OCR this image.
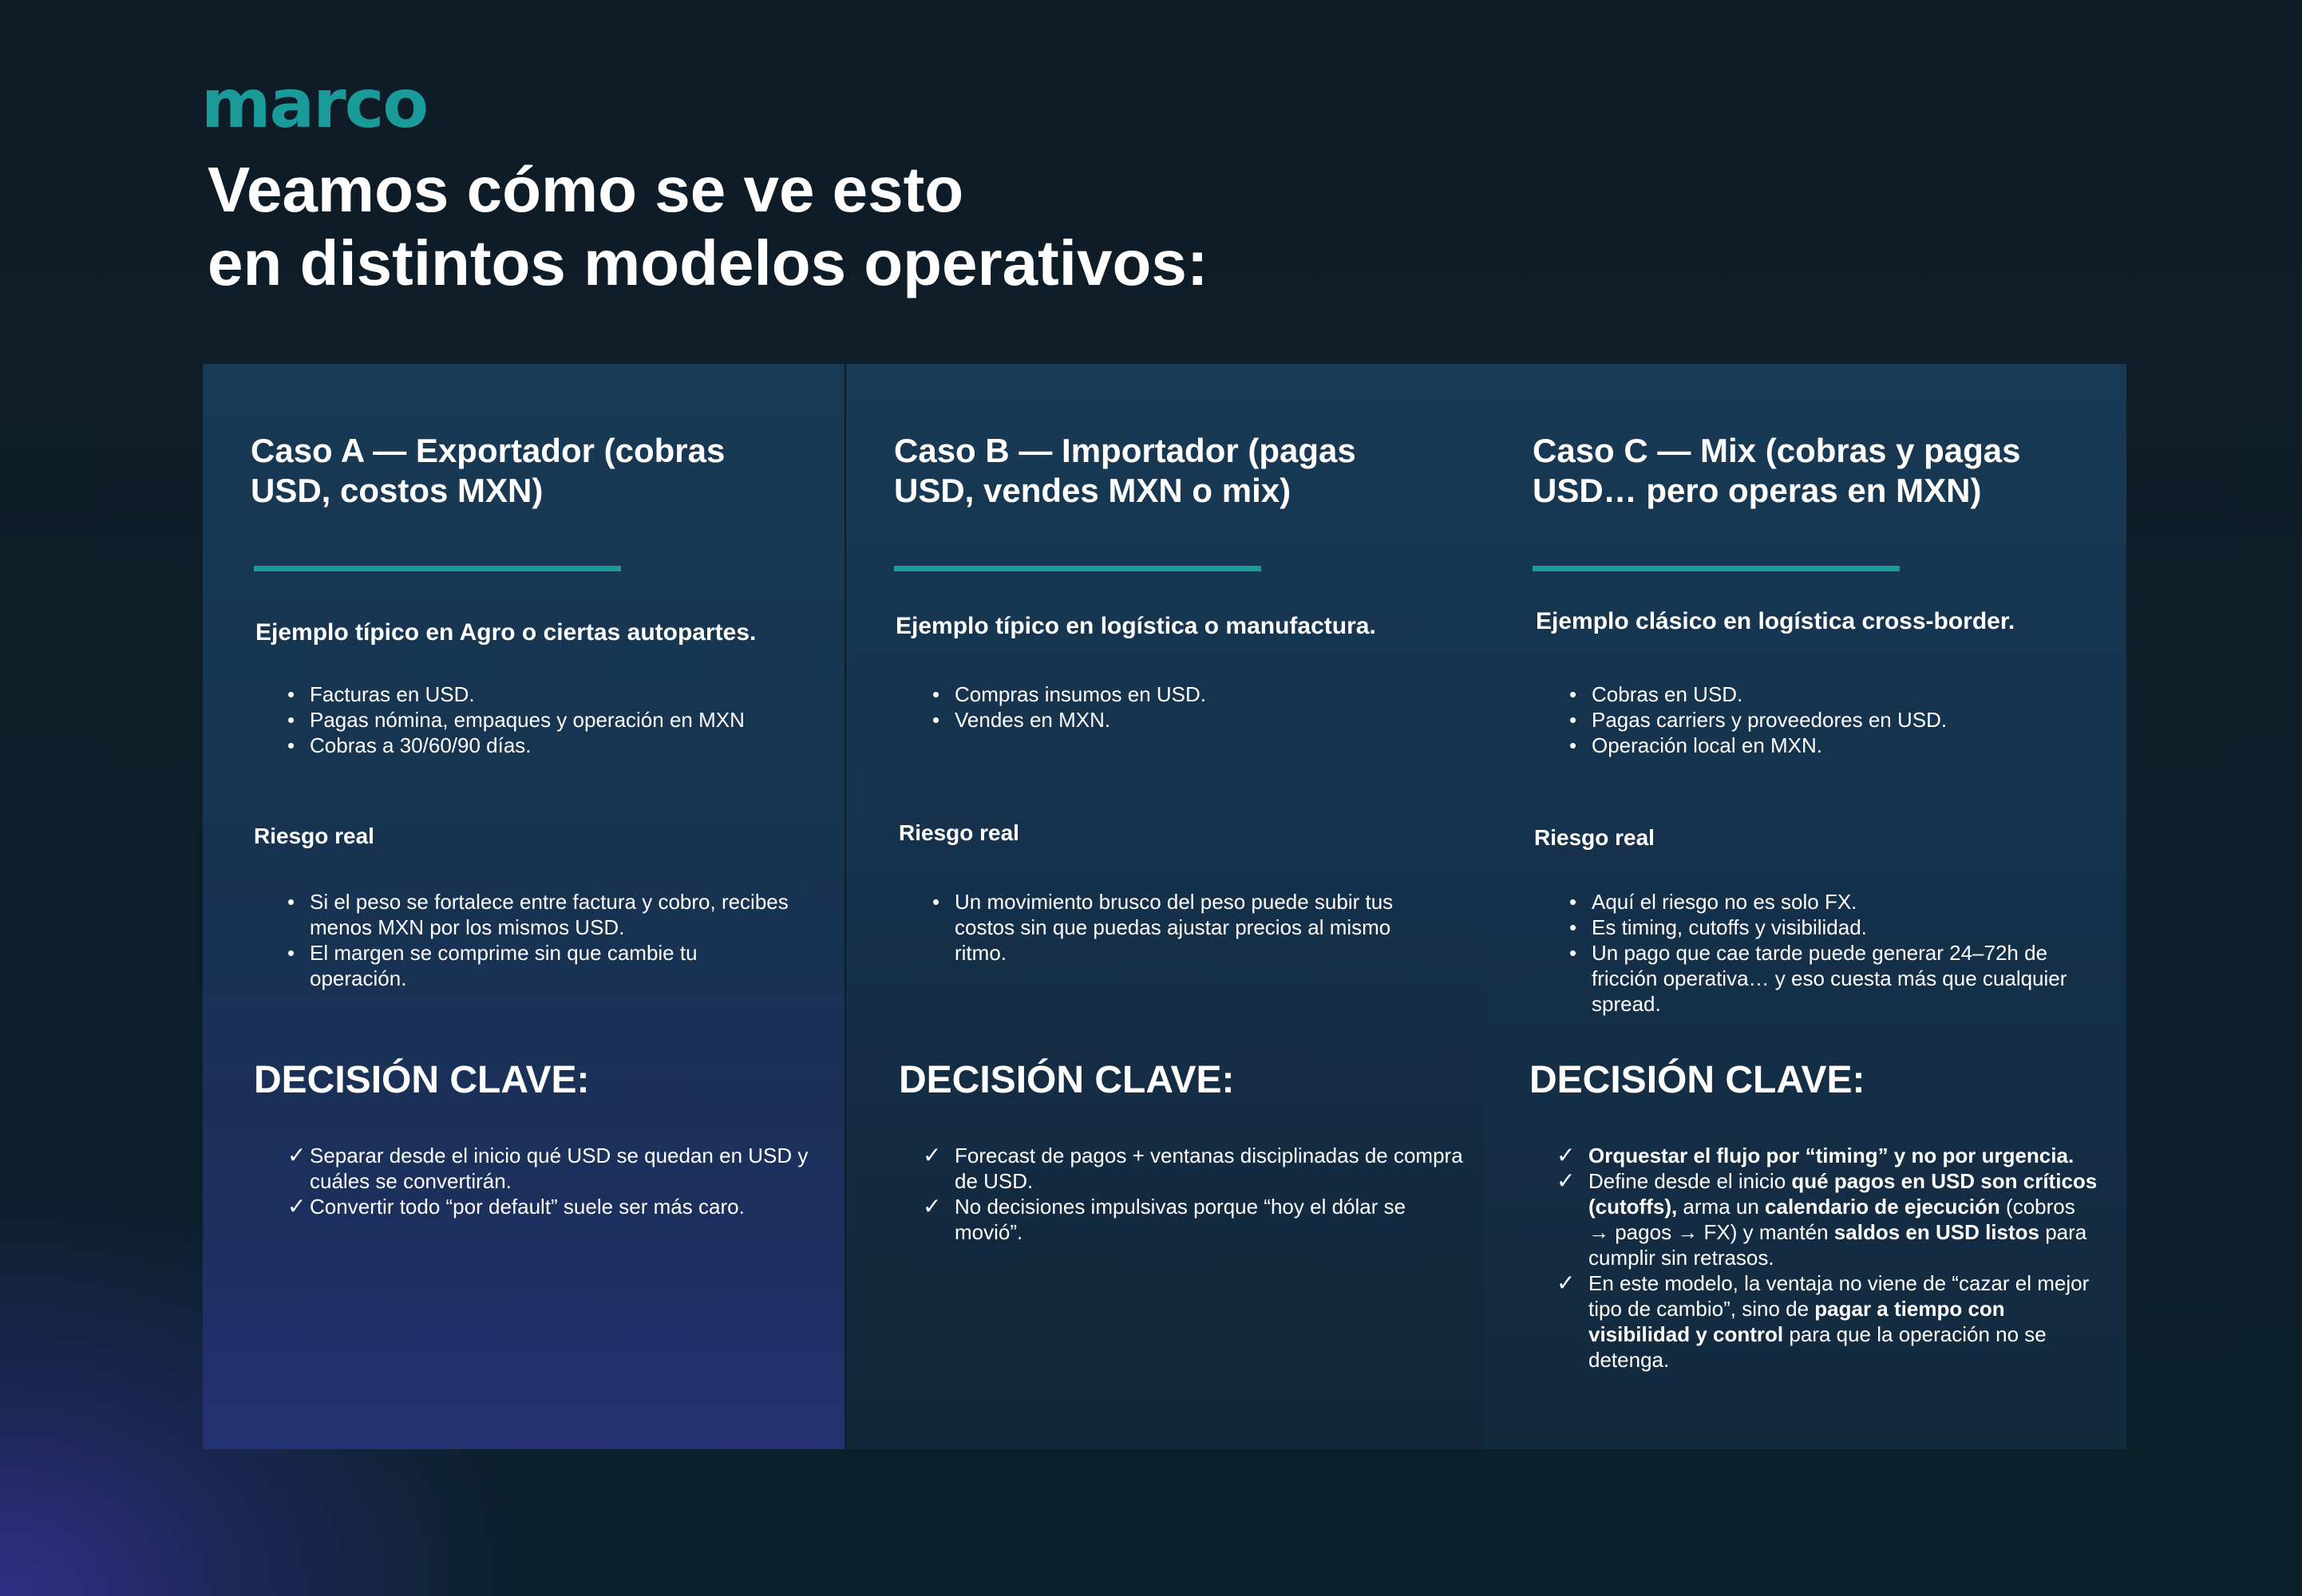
marco
Veamos cómo se ve esto
en distintos modelos operativos:
Caso A — Exportador (cobras
USD, costos MXN)
Ejemplo típico en Agro o ciertas autopartes.
• Facturas en USD.
• Pagas nómina, empaques y operación en MXN
• Cobras a 30/60/90 días.
Riesgo real
• Si el peso se fortalece entre factura y cobro, recibes menos MXN por los mismos USD.
• El margen se comprime sin que cambie tu operación.
DECISIÓN CLAVE:
✓ Separar desde el inicio qué USD se quedan en USD y cuáles se convertirán.
✓ Convertir todo “por default” suele ser más caro.
Caso B — Importador (pagas
USD, vendes MXN o mix)
Ejemplo típico en logística o manufactura.
• Compras insumos en USD.
• Vendes en MXN.
Riesgo real
• Un movimiento brusco del peso puede subir tus costos sin que puedas ajustar precios al mismo ritmo.
DECISIÓN CLAVE:
✓ Forecast de pagos + ventanas disciplinadas de compra de USD.
✓ No decisiones impulsivas porque “hoy el dólar se movió”.
Caso C — Mix (cobras y pagas
USD… pero operas en MXN)
Ejemplo clásico en logística cross-border.
• Cobras en USD.
• Pagas carriers y proveedores en USD.
• Operación local en MXN.
Riesgo real
• Aquí el riesgo no es solo FX.
• Es timing, cutoffs y visibilidad.
• Un pago que cae tarde puede generar 24–72h de fricción operativa… y eso cuesta más que cualquier spread.
DECISIÓN CLAVE:
✓ Orquestar el flujo por “timing” y no por urgencia.
✓ Define desde el inicio qué pagos en USD son críticos (cutoffs), arma un calendario de ejecución (cobros → pagos → FX) y mantén saldos en USD listos para cumplir sin retrasos.
✓ En este modelo, la ventaja no viene de “cazar el mejor tipo de cambio”, sino de pagar a tiempo con visibilidad y control para que la operación no se detenga.
